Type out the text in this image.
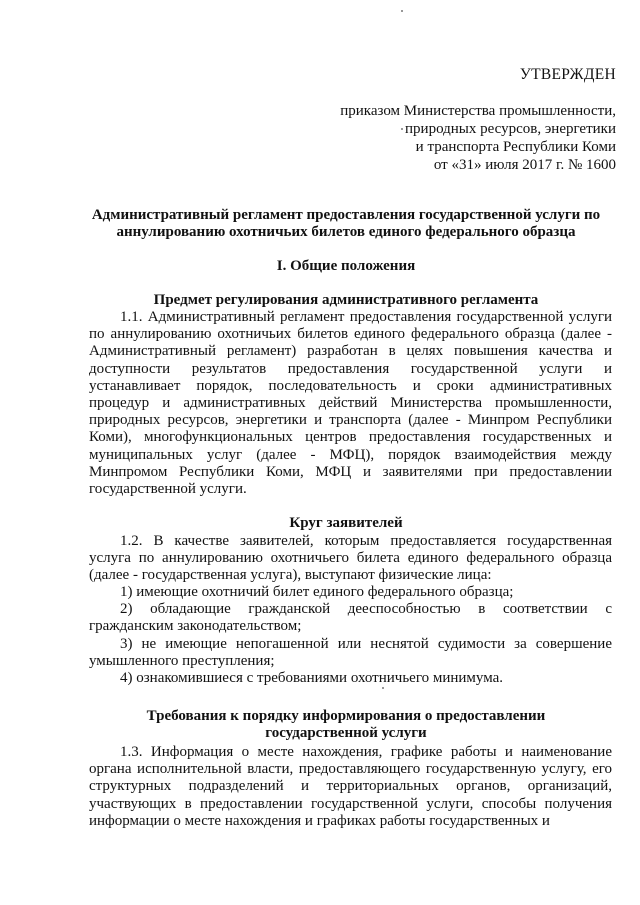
УТВЕРЖДЕН
приказом Министерства промышленности,
природных ресурсов, энергетики
и транспорта Республики Коми
от «31» июля 2017 г. № 1600
Административный регламент предоставления государственной услуги по аннулированию охотничьих билетов единого федерального образца
I. Общие положения
Предмет регулирования административного регламента

1.1. Административный регламент предоставления государственной услуги по аннулированию охотничьих билетов единого федерального образца (далее - Административный регламент) разработан в целях повышения качества и доступности результатов предоставления государственной услуги и устанавливает порядок, последовательность и сроки административных процедур и административных действий Министерства промышленности, природных ресурсов, энергетики и транспорта (далее - Минпром Республики Коми), многофункциональных центров предоставления государственных и муниципальных услуг (далее - МФЦ), порядок взаимодействия между Минпромом Республики Коми, МФЦ и заявителями при предоставлении государственной услуги.

Круг заявителей

1.2. В качестве заявителей, которым предоставляется государственная услуга по аннулированию охотничьего билета единого федерального образца (далее - государственная услуга), выступают физические лица:

1) имеющие охотничий билет единого федерального образца;

2) обладающие гражданской дееспособностью в соответствии с гражданским законодательством;

3) не имеющие непогашенной или неснятой судимости за совершение умышленного преступления;

4) ознакомившиеся с требованиями охотничьего минимума.

Требования к порядку информирования о предоставлении
государственной услуги

1.3. Информация о месте нахождения, графике работы и наименование органа исполнительной власти, предоставляющего государственную услугу, его структурных подразделений и территориальных органов, организаций, участвующих в предоставлении государственной услуги, способы получения информации о месте нахождения и графиках работы государственных и
